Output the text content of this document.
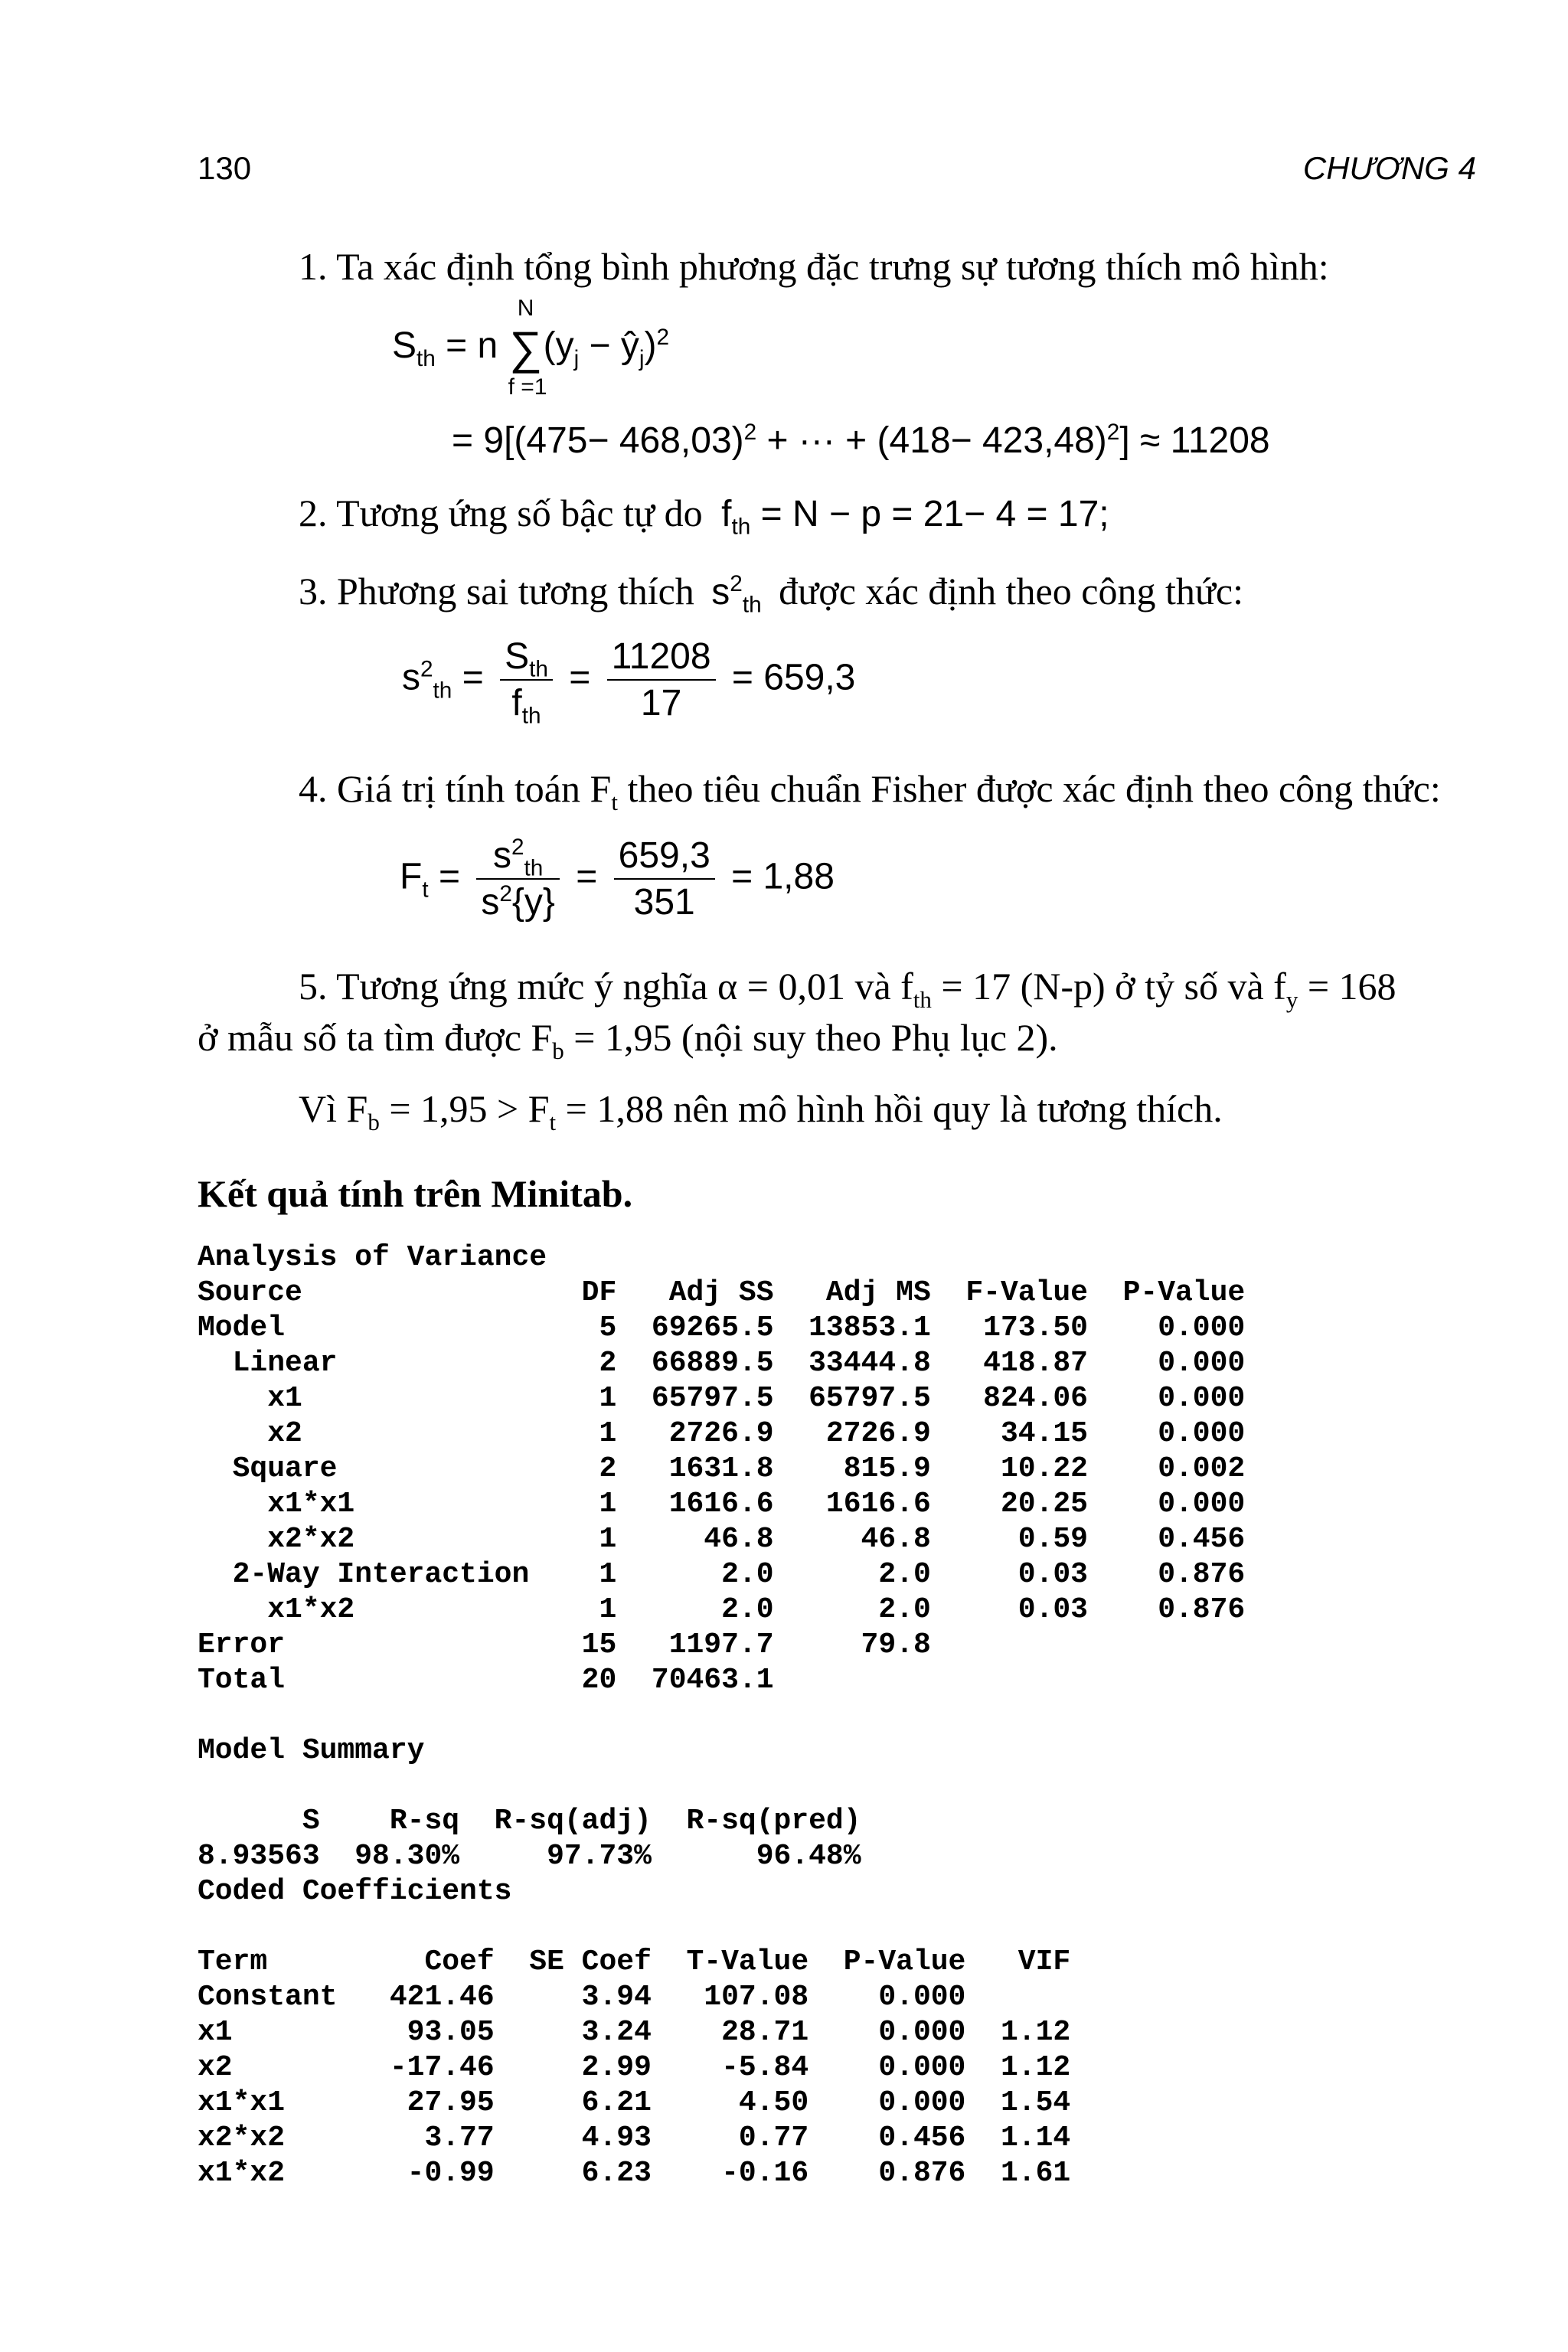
130	CHƯƠNG 4
1. Ta xác định tổng bình phương đặc trưng sự tương thích mô hình:
$S_{th} = n$ ∑
N
f =1
($y_j$ − $ŷ_j)^2$
= $9[(475- 468,03)^2$ + ··· + $(418- 423,48)^2] \approx 11208$
2. Tương ứng số bậc tự do $f_{th} = N - p = 21- 4 = 17$;
3. Phương sai tương thích $s^2_{th}$ được xác định theo công thức:
$s^2_{th} = \frac{S_{th}}{f_{th}} = \frac{11208}{17} = 659,3$
4. Giá trị tính toán $F_t$ theo tiêu chuẩn Fisher được xác định theo công thức:
$F_t = \frac{s^2_{th}}{s^2\{y\}} = \frac{659,3}{351} = 1,88$
5. Tương ứng mức ý nghĩa α = 0,01 và $f_{th} = 17$ (N-p) ở tỷ số và $f_y = 168$
ở mẫu số ta tìm được $F_b = 1,95$ (nội suy theo Phụ lục 2).
Vì $F_b = 1,95 > F_t = 1,88$ nên mô hình hồi quy là tương thích.
Kết quả tính trên Minitab.
Analysis of Variance
Source                DF   Adj SS   Adj MS  F-Value  P-Value
Model                  5  69265.5  13853.1   173.50    0.000
Linear               2  66889.5  33444.8   418.87    0.000
x1                 1  65797.5  65797.5   824.06    0.000
x2                 1   2726.9   2726.9    34.15    0.000
Square               2   1631.8    815.9    10.22    0.002
x1*x1              1   1616.6   1616.6    20.25    0.000
x2*x2              1     46.8     46.8     0.59    0.456
2-Way Interaction    1      2.0      2.0     0.03    0.876
x1*x2              1      2.0      2.0     0.03    0.876
Error                 15   1197.7     79.8
Total                 20  70463.1
Model Summary

S    R-sq  R-sq(adj)  R-sq(pred)
8.93563  98.30%     97.73%      96.48%
Coded Coefficients
Term         Coef  SE Coef  T-Value  P-Value   VIF
Constant   421.46     3.94   107.08    0.000
x1          93.05     3.24    28.71    0.000  1.12
x2         -17.46     2.99    -5.84    0.000  1.12
x1*x1       27.95     6.21     4.50    0.000  1.54
x2*x2        3.77     4.93     0.77    0.456  1.14
x1*x2       -0.99     6.23    -0.16    0.876  1.61
